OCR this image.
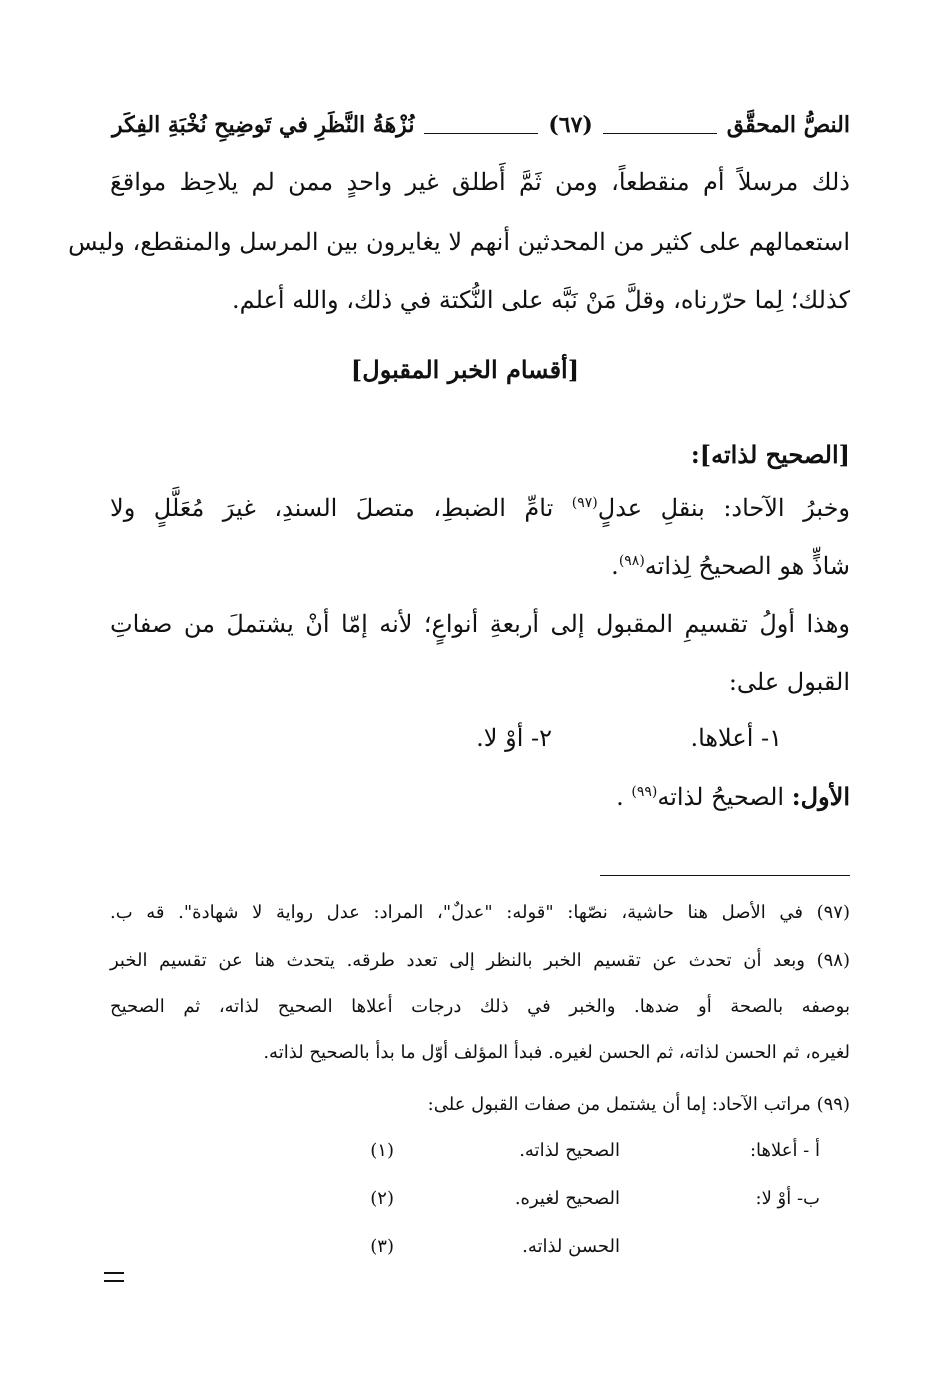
النصُّ المحقَّق
(٦٧)
نُزْهَةُ النَّظَرِ في تَوضِيحِ نُخْبَةِ الفِكَر
ذلك مرسلاً أم منقطعاً، ومن ثَمَّ أَطلق غير واحدٍ ممن لم يلاحِظ مواقعَ
استعمالهم على كثير من المحدثين أنهم لا يغايرون بين المرسل والمنقطع، وليس
كذلك؛ لِما حرّرناه، وقلَّ مَنْ نَبَّه على النُّكتة في ذلك، والله أعلم.
[أقسام الخبر المقبول]
[الصحيح لذاته]:
وخبرُ الآحاد: بنقلِ عدلٍ$^{(٩٧)}$ تامِّ الضبطِ، متصلَ السندِ، غيرَ مُعَلَّلٍ ولا
شاذٍّ هو الصحيحُ لِذاته$^{(٩٨)}$.
وهذا أولُ تقسيمِ المقبول إلى أربعةِ أنواعٍ؛ لأنه إمّا أنْ يشتملَ من صفاتِ
القبول على:
١- أعلاها.
٢- أوْ لا.
الأول: الصحيحُ لذاته$^{(٩٩)}$ .
(٩٧) في الأصل هنا حاشية، نصّها: "قوله: "عدلٌ"، المراد: عدل رواية لا شهادة". قه ب.
(٩٨) وبعد أن تحدث عن تقسيم الخبر بالنظر إلى تعدد طرقه. يتحدث هنا عن تقسيم الخبر
بوصفه بالصحة أو ضدها. والخبر في ذلك درجات أعلاها الصحيح لذاته، ثم الصحيح
لغيره، ثم الحسن لذاته، ثم الحسن لغيره. فبدأ المؤلف أوّل ما بدأ بالصحيح لذاته.
(٩٩) مراتب الآحاد: إما أن يشتمل من صفات القبول على:
أ - أعلاها:
الصحيح لذاته.
(١)
ب- أوْ لا:
الصحيح لغيره.
(٢)
الحسن لذاته.
(٣)
